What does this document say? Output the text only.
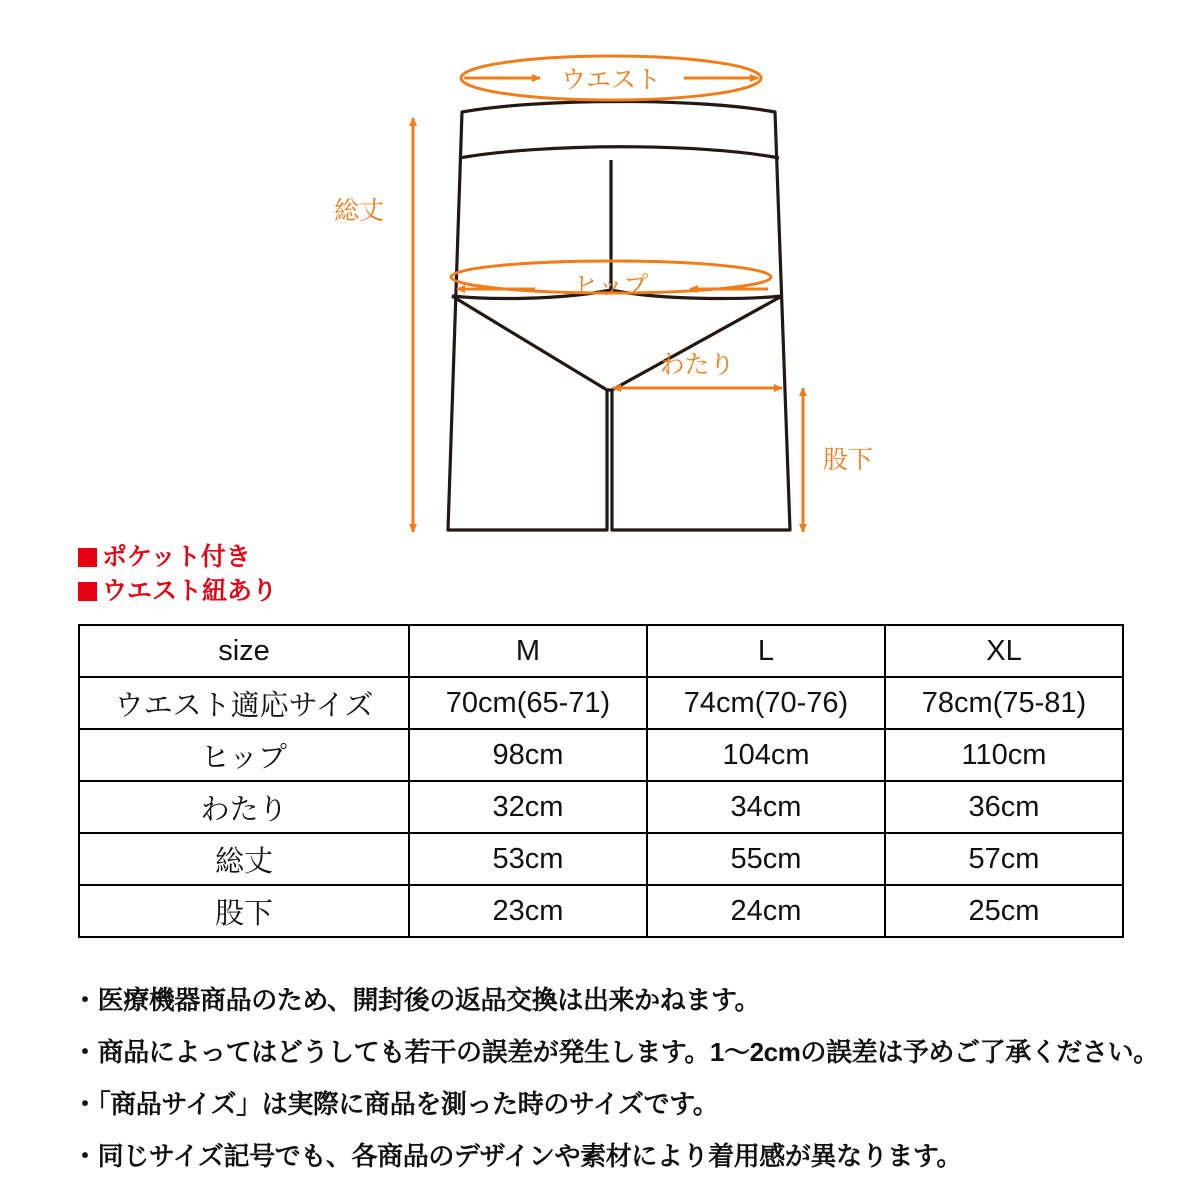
ウエスト
ヒップ
わたり
総丈
股下
ポケット付き
ウエスト紐あり
size	M	L	XL
ウエスト適応サイズ	70cm(65-71)	74cm(70-76)	78cm(75-81)
ヒップ	98cm	104cm	110cm
わたり	32cm	34cm	36cm
総丈	53cm	55cm	57cm
股下	23cm	24cm	25cm
・医療機器商品のため、開封後の返品交換は出来かねます。
・商品によってはどうしても若干の誤差が発生します。1〜2cmの誤差は予めご了承ください。
・「商品サイズ」は実際に商品を測った時のサイズです。
・同じサイズ記号でも、各商品のデザインや素材により着用感が異なります。
